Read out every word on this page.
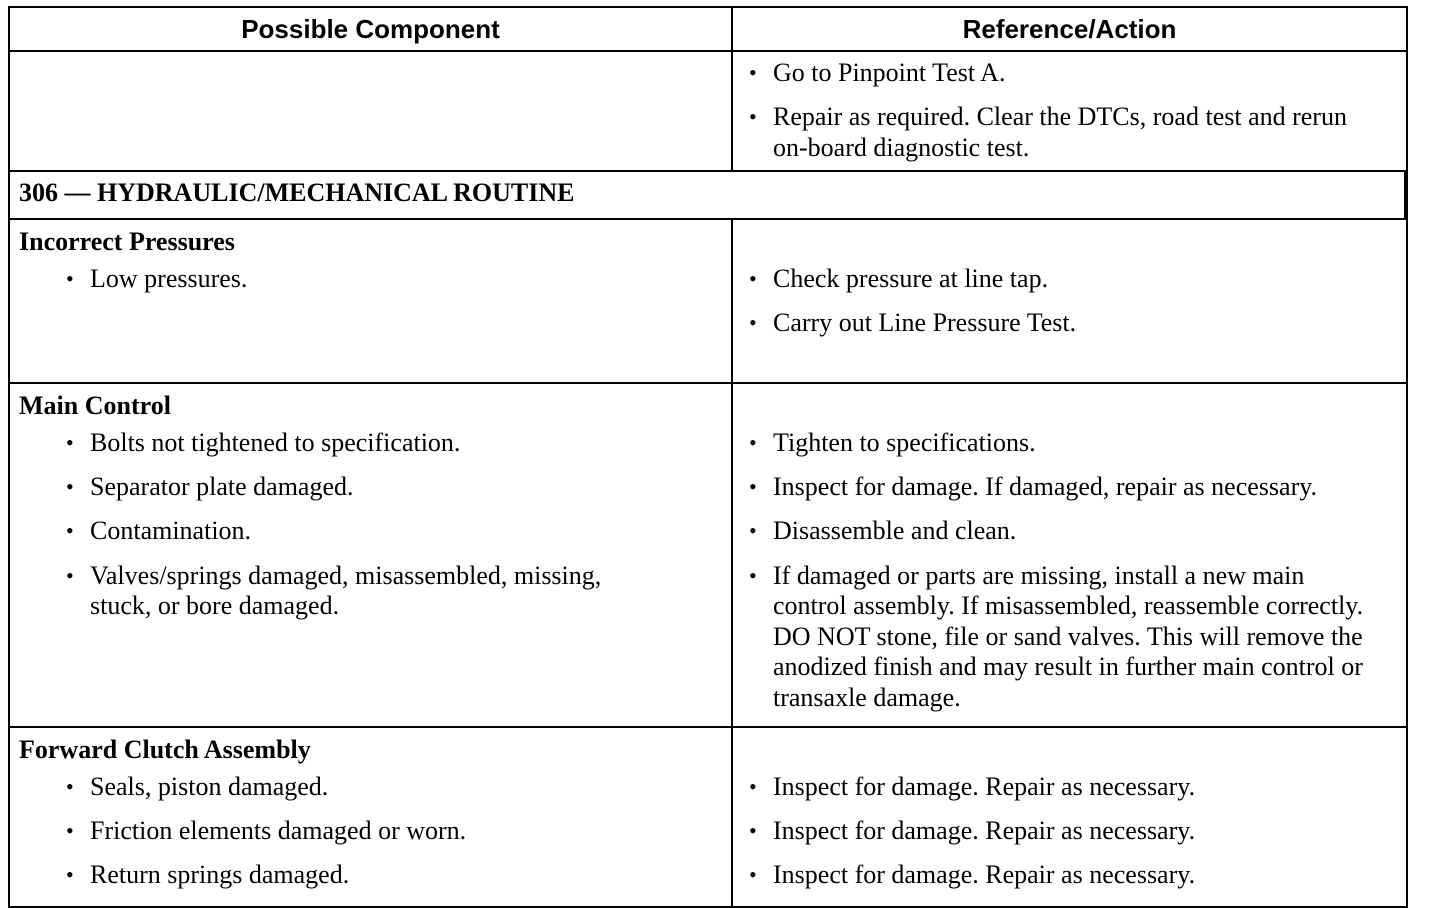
Possible Component	Reference/Action
• Go to Pinpoint Test A.
• Repair as required. Clear the DTCs, road test and rerun on-board diagnostic test.
306 — HYDRAULIC/MECHANICAL ROUTINE
Incorrect Pressures
• Low pressures.	• Check pressure at line tap.
• Carry out Line Pressure Test.
Main Control
• Bolts not tightened to specification.
• Separator plate damaged.
• Contamination.
• Valves/springs damaged, misassembled, missing, stuck, or bore damaged.
• Tighten to specifications.
• Inspect for damage. If damaged, repair as necessary.
• Disassemble and clean.
• If damaged or parts are missing, install a new main control assembly. If misassembled, reassemble correctly. DO NOT stone, file or sand valves. This will remove the anodized finish and may result in further main control or transaxle damage.
Forward Clutch Assembly
• Seals, piston damaged.
• Friction elements damaged or worn.
• Return springs damaged.
• Inspect for damage. Repair as necessary.
• Inspect for damage. Repair as necessary.
• Inspect for damage. Repair as necessary.
